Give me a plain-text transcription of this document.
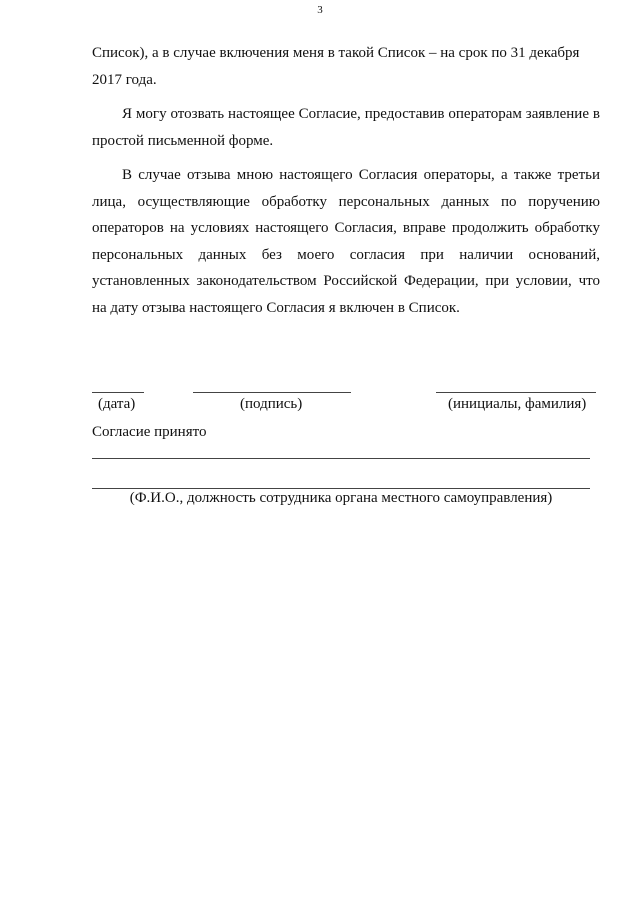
3

Список), а в случае включения меня в такой Список – на срок по 31 декабря 2017 года.

Я могу отозвать настоящее Согласие, предоставив операторам заявление в простой письменной форме.

В случае отзыва мною настоящего Согласия операторы, а также третьи лица, осуществляющие обработку персональных данных по поручению операторов на условиях настоящего Согласия, вправе продолжить обработку персональных данных без моего согласия при наличии оснований, установленных законодательством Российской Федерации, при условии, что на дату отзыва настоящего Согласия я включен в Список.

(дата)	(подпись)	(инициалы, фамилия)
Согласие принято
(Ф.И.О., должность сотрудника органа местного самоуправления)
